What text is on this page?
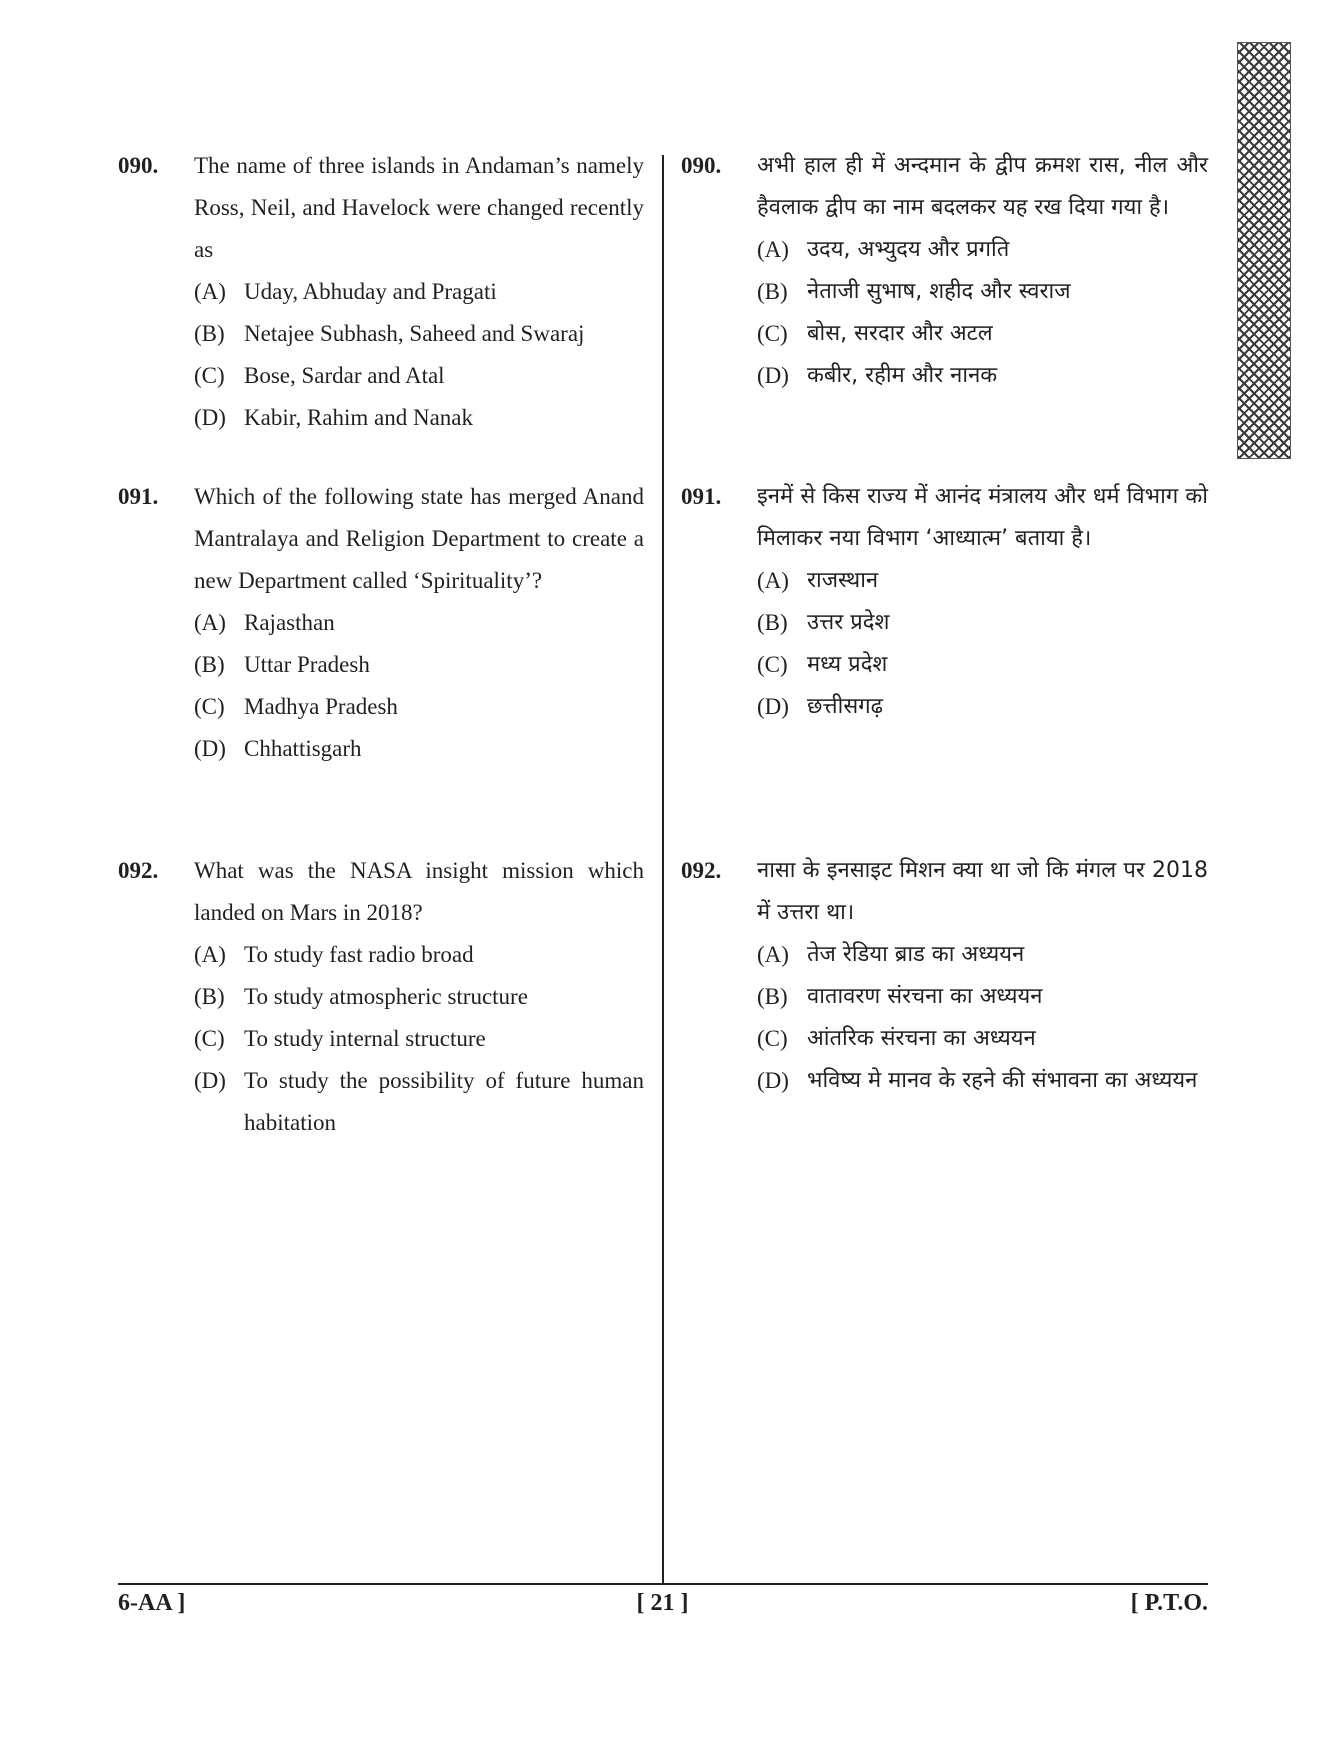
090. The name of three islands in Andaman’s namely Ross, Neil, and Havelock were changed recently as
(A) Uday, Abhuday and Pragati
(B) Netajee Subhash, Saheed and Swaraj
(C) Bose, Sardar and Atal
(D) Kabir, Rahim and Nanak
091. Which of the following state has merged Anand Mantralaya and Religion Department to create a new Department called ‘Spirituality’?
(A) Rajasthan
(B) Uttar Pradesh
(C) Madhya Pradesh
(D) Chhattisgarh
092. What was the NASA insight mission which landed on Mars in 2018?
(A) To study fast radio broad
(B) To study atmospheric structure
(C) To study internal structure
(D) To study the possibility of future human habitation
090. अभी हाल ही में अन्दमान के द्वीप क्रमश रास, नील और हैवलाक द्वीप का नाम बदलकर यह रख दिया गया है।
(A) उदय, अभ्युदय और प्रगति
(B) नेताजी सुभाष, शहीद और स्वराज
(C) बोस, सरदार और अटल
(D) कबीर, रहीम और नानक
091. इनमें से किस राज्य में आनंद मंत्रालय और धर्म विभाग को मिलाकर नया विभाग ‘आध्यात्म’ बताया है।
(A) राजस्थान
(B) उत्तर प्रदेश
(C) मध्य प्रदेश
(D) छत्तीसगढ़
092. नासा के इनसाइट मिशन क्या था जो कि मंगल पर 2018 में उत्तरा था।
(A) तेज रेडिया ब्राड का अध्ययन
(B) वातावरण संरचना का अध्ययन
(C) आंतरिक संरचना का अध्ययन
(D) भविष्य मे मानव के रहने की संभावना का अध्ययन
6-AA ]	[ 21 ]	[ P.T.O.
